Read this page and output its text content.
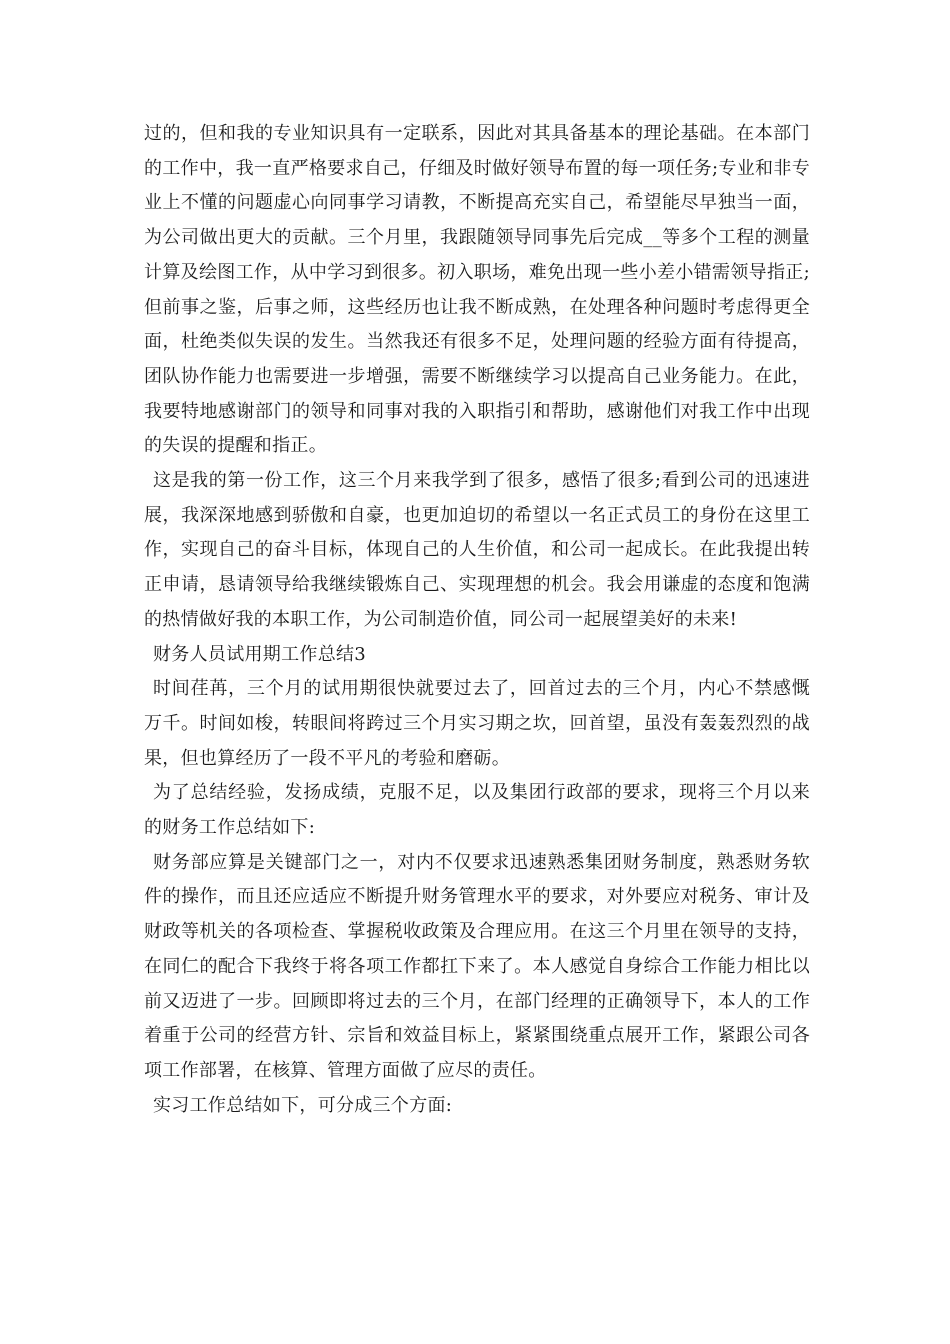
过的，但和我的专业知识具有一定联系，因此对其具备基本的理论基础。在本部门的工作中，我一直严格要求自己，仔细及时做好领导布置的每一项任务;专业和非专业上不懂的问题虚心向同事学习请教，不断提高充实自己，希望能尽早独当一面，为公司做出更大的贡献。三个月里，我跟随领导同事先后完成__等多个工程的测量计算及绘图工作，从中学习到很多。初入职场，难免出现一些小差小错需领导指正;但前事之鉴，后事之师，这些经历也让我不断成熟，在处理各种问题时考虑得更全面，杜绝类似失误的发生。当然我还有很多不足，处理问题的经验方面有待提高，团队协作能力也需要进一步增强，需要不断继续学习以提高自己业务能力。在此，我要特地感谢部门的领导和同事对我的入职指引和帮助，感谢他们对我工作中出现的失误的提醒和指正。

这是我的第一份工作，这三个月来我学到了很多，感悟了很多;看到公司的迅速进展，我深深地感到骄傲和自豪，也更加迫切的希望以一名正式员工的身份在这里工作，实现自己的奋斗目标，体现自己的人生价值，和公司一起成长。在此我提出转正申请，恳请领导给我继续锻炼自己、实现理想的机会。我会用谦虚的态度和饱满的热情做好我的本职工作，为公司制造价值，同公司一起展望美好的未来!

财务人员试用期工作总结3

时间荏苒，三个月的试用期很快就要过去了，回首过去的三个月，内心不禁感慨万千。时间如梭，转眼间将跨过三个月实习期之坎，回首望，虽没有轰轰烈烈的战果，但也算经历了一段不平凡的考验和磨砺。

为了总结经验，发扬成绩，克服不足，以及集团行政部的要求，现将三个月以来的财务工作总结如下:

财务部应算是关键部门之一，对内不仅要求迅速熟悉集团财务制度，熟悉财务软件的操作，而且还应适应不断提升财务管理水平的要求，对外要应对税务、审计及财政等机关的各项检查、掌握税收政策及合理应用。在这三个月里在领导的支持，在同仁的配合下我终于将各项工作都扛下来了。本人感觉自身综合工作能力相比以前又迈进了一步。回顾即将过去的三个月，在部门经理的正确领导下，本人的工作着重于公司的经营方针、宗旨和效益目标上，紧紧围绕重点展开工作，紧跟公司各项工作部署，在核算、管理方面做了应尽的责任。

实习工作总结如下，可分成三个方面:
